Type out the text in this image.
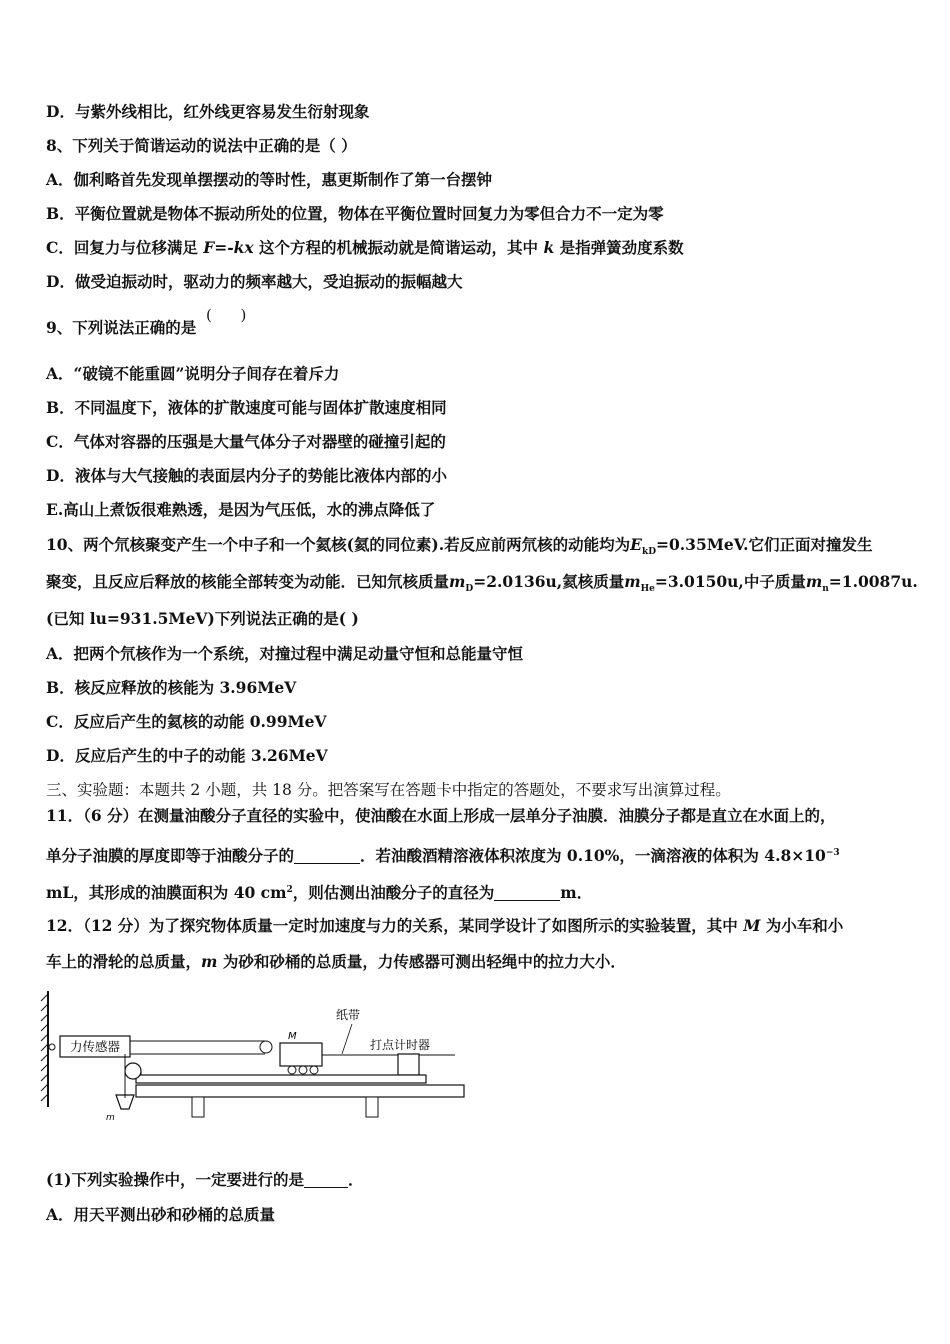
D．与紫外线相比，红外线更容易发生衍射现象
8、下列关于简谐运动的说法中正确的是（ ）
A．伽利略首先发现单摆摆动的等时性，惠更斯制作了第一台摆钟
B．平衡位置就是物体不振动所处的位置，物体在平衡位置时回复力为零但合力不一定为零
C．回复力与位移满足 F=-kx 这个方程的机械振动就是简谐运动，其中 k 是指弹簧劲度系数
D．做受迫振动时，驱动力的频率越大，受迫振动的振幅越大
9、下列说法正确的是
(      )
A．“破镜不能重圆”说明分子间存在着斥力
B．不同温度下，液体的扩散速度可能与固体扩散速度相同
C．气体对容器的压强是大量气体分子对器壁的碰撞引起的
D．液体与大气接触的表面层内分子的势能比液体内部的小
E.高山上煮饭很难熟透，是因为气压低，水的沸点降低了
10、两个氘核聚变产生一个中子和一个氦核(氦的同位素).若反应前两氘核的动能均为$E_{kD}=0.35MeV$.它们正面对撞发生
聚变，且反应后释放的核能全部转变为动能．已知氘核质量$m_D=2.0136u$,氦核质量$m_{He}=3.0150u$,中子质量$m_n=1.0087u$.
(已知 lu=931.5MeV)下列说法正确的是( )
A．把两个氘核作为一个系统，对撞过程中满足动量守恒和总能量守恒
B．核反应释放的核能为 3.96MeV
C．反应后产生的氦核的动能 0.99MeV
D．反应后产生的中子的动能 3.26MeV
三、实验题：本题共 2 小题，共 18 分。把答案写在答题卡中指定的答题处，不要求写出演算过程。
11．（6 分）在测量油酸分子直径的实验中，使油酸在水面上形成一层单分子油膜．油膜分子都是直立在水面上的，
单分子油膜的厚度即等于油酸分子的	．若油酸酒精溶液体积浓度为 0.10%，一滴溶液的体积为 $4.8\times 10^{-3}$
mL，其形成的油膜面积为 40 $cm^2$，则估测出油酸分子的直径为	m．
12．（12 分）为了探究物体质量一定时加速度与力的关系，某同学设计了如图所示的实验装置，其中 M 为小车和小
车上的滑轮的总质量，m 为砂和砂桶的总质量，力传感器可测出轻绳中的拉力大小．
力传感器
M
纸带
打点计时器
m
(1)下列实验操作中，一定要进行的是	．
A．用天平测出砂和砂桶的总质量
